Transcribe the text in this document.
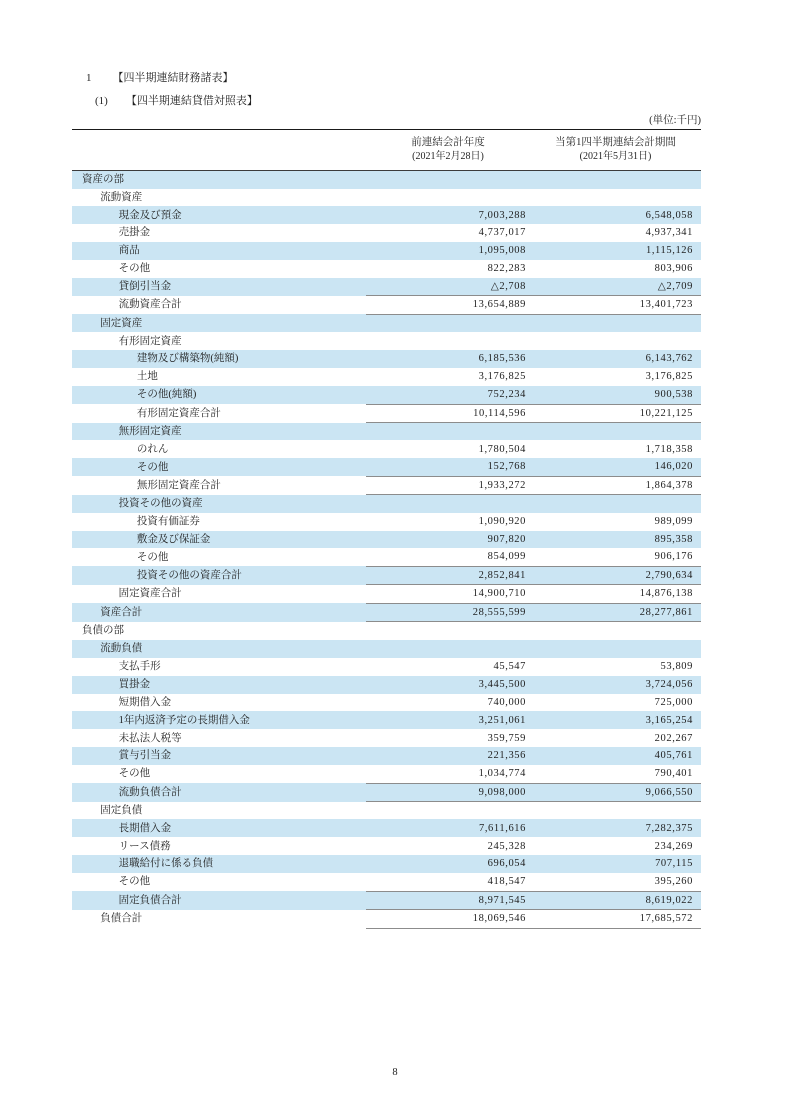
1 【四半期連結財務諸表】
(1) 【四半期連結貸借対照表】
(単位:千円)

前連結会計年度
(2021年2月28日)

当第1四半期連結会計期間
(2021年5月31日)

資産の部		
流動資産		
現金及び預金	7,003,288	6,548,058
売掛金	4,737,017	4,937,341
商品	1,095,008	1,115,126
その他	822,283	803,906
貸倒引当金	△2,708	△2,709
流動資産合計	13,654,889	13,401,723
固定資産		
有形固定資産		
建物及び構築物(純額)	6,185,536	6,143,762
土地	3,176,825	3,176,825
その他(純額)	752,234	900,538
有形固定資産合計	10,114,596	10,221,125
無形固定資産		
のれん	1,780,504	1,718,358
その他	152,768	146,020
無形固定資産合計	1,933,272	1,864,378
投資その他の資産		
投資有価証券	1,090,920	989,099
敷金及び保証金	907,820	895,358
その他	854,099	906,176
投資その他の資産合計	2,852,841	2,790,634
固定資産合計	14,900,710	14,876,138
資産合計	28,555,599	28,277,861
負債の部		
流動負債		
支払手形	45,547	53,809
買掛金	3,445,500	3,724,056
短期借入金	740,000	725,000
1年内返済予定の長期借入金	3,251,061	3,165,254
未払法人税等	359,759	202,267
賞与引当金	221,356	405,761
その他	1,034,774	790,401
流動負債合計	9,098,000	9,066,550
固定負債		
長期借入金	7,611,616	7,282,375
リース債務	245,328	234,269
退職給付に係る負債	696,054	707,115
その他	418,547	395,260
固定負債合計	8,971,545	8,619,022
負債合計	18,069,546	17,685,572
8
